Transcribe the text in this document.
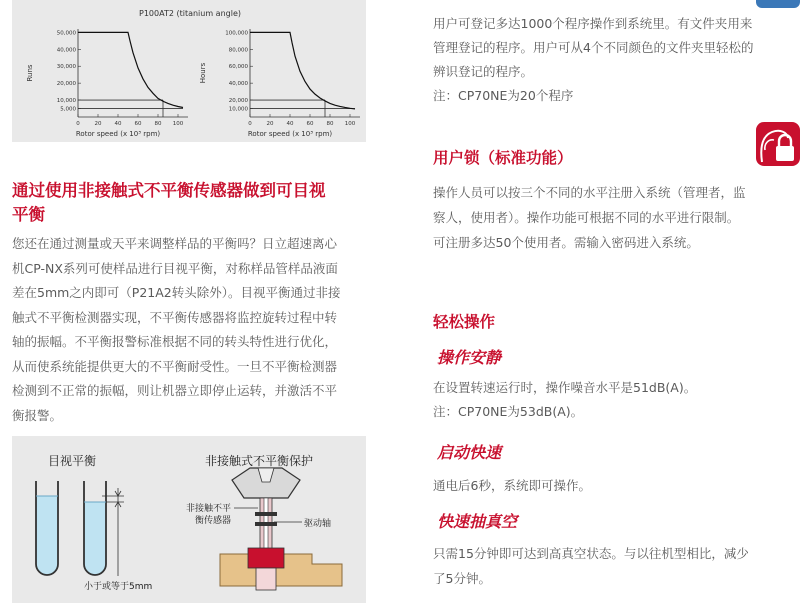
P100AT2 (titanium angle)
5,000
10,000
20,000
30,000
40,000
50,000
0	20 40 60 80 100
10,000
20,000
40,000
60,000
80,000
100,000
0	20 40 60 80 100
Runs	Hours
Rotor speed (x 10³ rpm)	Rotor speed (x 10³ rpm)
通过使用非接触式不平衡传感器做到可目视
平衡
您还在通过测量或天平来调整样品的平衡吗？日立超速离心
机CP-NX系列可使样品进行目视平衡，对称样品管样品液面
差在5mm之内即可（P21A2转头除外）。目视平衡通过非接
触式不平衡检测器实现，不平衡传感器将监控旋转过程中转
轴的振幅。不平衡报警标准根据不同的转头特性进行优化，
从而使系统能提供更大的不平衡耐受性。一旦不平衡检测器
检测到不正常的振幅，则让机器立即停止运转，并激活不平
衡报警。
目视平衡	非接触式不平衡保护
非接触不平
衡传感器	驱动轴
小于或等于5mm
用户可登记多达1000个程序操作到系统里。有文件夹用来
管理登记的程序。用户可从4个不同颜色的文件夹里轻松的
辨识登记的程序。
注：CP70NE为20个程序
用户锁（标准功能）
操作人员可以按三个不同的水平注册入系统（管理者，监
察人，使用者）。操作功能可根据不同的水平进行限制。
可注册多达50个使用者。需输入密码进入系统。
轻松操作
操作安静
在设置转速运行时，操作噪音水平是51dB(A)。
注：CP70NE为53dB(A)。
启动快速
通电后6秒，系统即可操作。
快速抽真空
只需15分钟即可达到高真空状态。与以往机型相比，减少
了5分钟。
